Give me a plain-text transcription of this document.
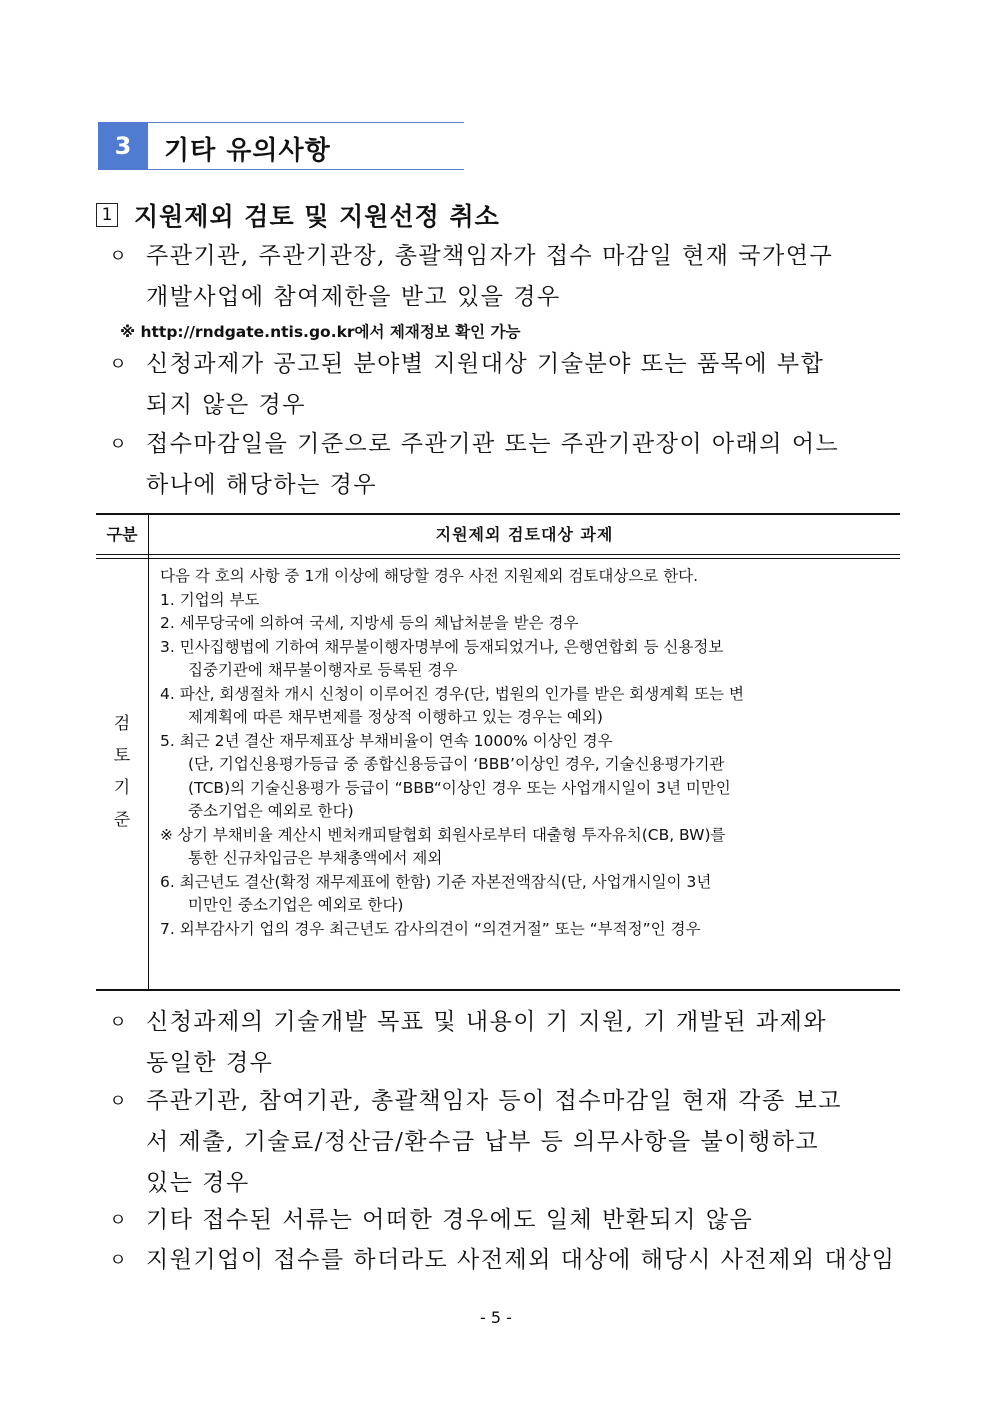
3	기타 유의사항
1 지원제외 검토 및 지원선정 취소
ㅇ 주관기관, 주관기관장, 총괄책임자가 접수 마감일 현재 국가연구
개발사업에 참여제한을 받고 있을 경우
※ http://rndgate.ntis.go.kr에서 제재정보 확인 가능
ㅇ 신청과제가 공고된 분야별 지원대상 기술분야 또는 품목에 부합
되지 않은 경우
ㅇ 접수마감일을 기준으로 주관기관 또는 주관기관장이 아래의 어느
하나에 해당하는 경우
구분	지원제외 검토대상 과제
검
토
기
준
다음 각 호의 사항 중 1개 이상에 해당할 경우 사전 지원제외 검토대상으로 한다.
1. 기업의 부도
2. 세무당국에 의하여 국세, 지방세 등의 체납처분을 받은 경우
3. 민사집행법에 기하여 채무불이행자명부에 등재되었거나, 은행연합회 등 신용정보
집중기관에 채무불이행자로 등록된 경우
4. 파산, 회생절차 개시 신청이 이루어진 경우(단, 법원의 인가를 받은 회생계획 또는 변
제계획에 따른 채무변제를 정상적 이행하고 있는 경우는 예외)
5. 최근 2년 결산 재무제표상 부채비율이 연속 1000% 이상인 경우
(단, 기업신용평가등급 중 종합신용등급이 ‘BBB’이상인 경우, 기술신용평가기관
(TCB)의 기술신용평가 등급이 “BBB“이상인 경우 또는 사업개시일이 3년 미만인
중소기업은 예외로 한다)
※ 상기 부채비율 계산시 벤처캐피탈협회 회원사로부터 대출형 투자유치(CB, BW)를
통한 신규차입금은 부채총액에서 제외
6. 최근년도 결산(확정 재무제표에 한함) 기준 자본전액잠식(단, 사업개시일이 3년
미만인 중소기업은 예외로 한다)
7. 외부감사기 업의 경우 최근년도 감사의견이 “의견거절” 또는 “부적정”인 경우
ㅇ 신청과제의 기술개발 목표 및 내용이 기 지원, 기 개발된 과제와
동일한 경우
ㅇ 주관기관, 참여기관, 총괄책임자 등이 접수마감일 현재 각종 보고
서 제출, 기술료/정산금/환수금 납부 등 의무사항을 불이행하고
있는 경우
ㅇ 기타 접수된 서류는 어떠한 경우에도 일체 반환되지 않음
ㅇ 지원기업이 접수를 하더라도 사전제외 대상에 해당시 사전제외 대상임
- 5 -
